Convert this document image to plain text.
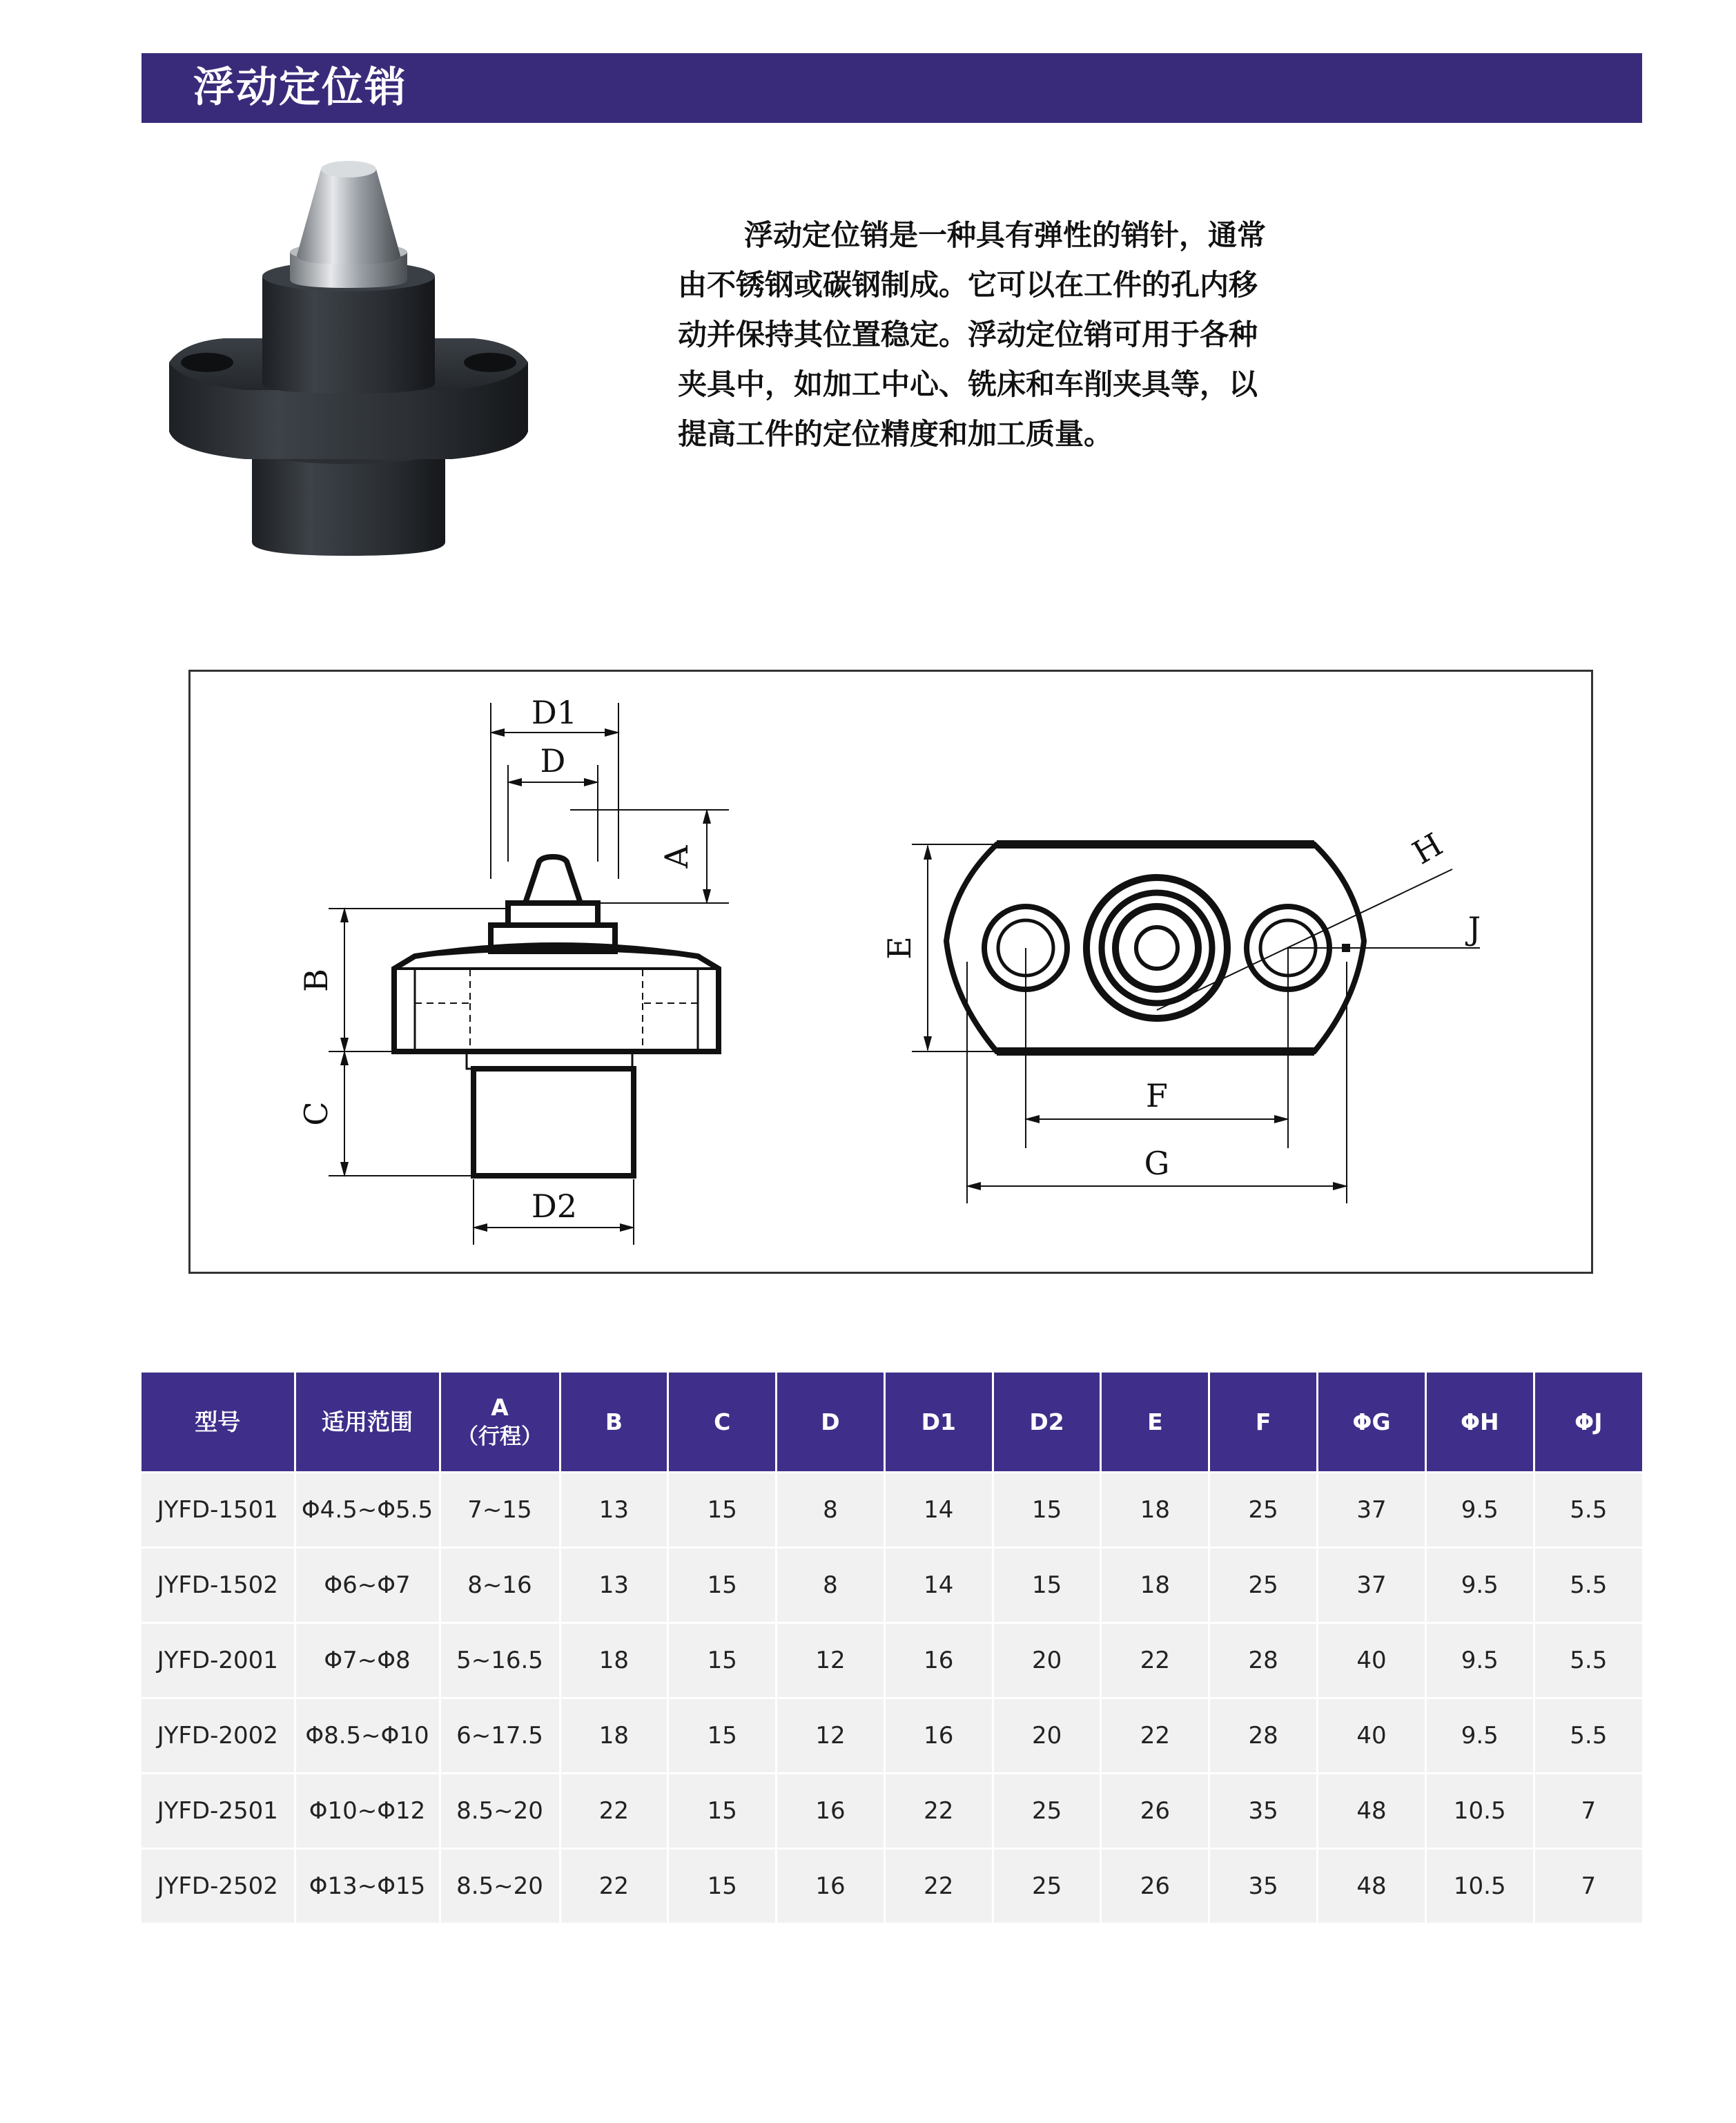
浮动定位销

浮动定位销是一种具有弹性的销针，通常由不锈钢或碳钢制成。它可以在工件的孔内移动并保持其位置稳定。浮动定位销可用于各种夹具中，如加工中心、铣床和车削夹具等，以提高工件的定位精度和加工质量。

D1
D
A
B
C
D2
E
F
G
H
J
型号	适用范围	A
（行程）	B	C	D	D1	D2	E	F	ΦG	ΦH	ΦJ
JYFD-1501	Φ4.5~Φ5.5	7~15	13	15	8	14	15	18	25	37	9.5	5.5
JYFD-1502	Φ6~Φ7	8~16	13	15	8	14	15	18	25	37	9.5	5.5
JYFD-2001	Φ7~Φ8	5~16.5	18	15	12	16	20	22	28	40	9.5	5.5
JYFD-2002	Φ8.5~Φ10	6~17.5	18	15	12	16	20	22	28	40	9.5	5.5
JYFD-2501	Φ10~Φ12	8.5~20	22	15	16	22	25	26	35	48	10.5	7
JYFD-2502	Φ13~Φ15	8.5~20	22	15	16	22	25	26	35	48	10.5	7
